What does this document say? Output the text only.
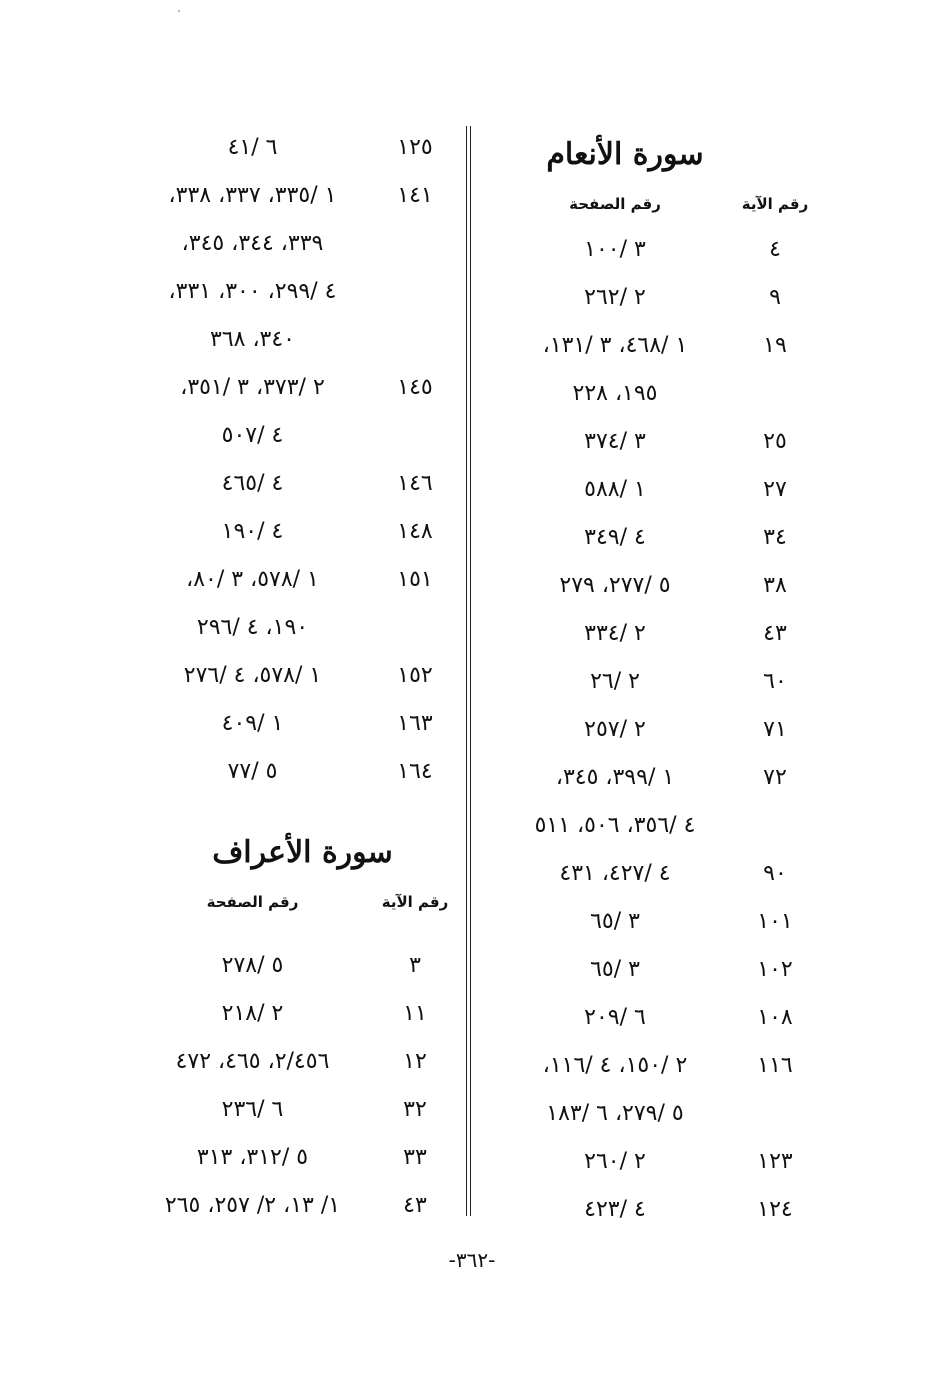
سورة الأنعام
رقم الآية
رقم الصفحة
٤
٣ /١٠٠
٩
٢ /٢٦٢
١٩
١ /٤٦٨، ٣ /١٣١،
١٩٥، ٢٢٨
٢٥
٣ /٣٧٤
٢٧
١ /٥٨٨
٣٤
٤ /٣٤٩
٣٨
٥ /٢٧٧، ٢٧٩
٤٣
٢ /٣٣٤
٦٠
٢ /٢٦
٧١
٢ /٢٥٧
٧٢
١ /٣٩٩، ٣٤٥،
٤ /٣٥٦، ٥٠٦، ٥١١
٩٠
٤ /٤٢٧، ٤٣١
١٠١
٣ /٦٥
١٠٢
٣ /٦٥
١٠٨
٦ /٢٠٩
١١٦
٢ /١٥٠، ٤ /١١٦،
٥ /٢٧٩، ٦ /١٨٣
١٢٣
٢ /٢٦٠
١٢٤
٤ /٤٢٣
١٢٥
٦ /٤١
١٤١
١ /٣٣٥، ٣٣٧، ٣٣٨،
٣٣٩، ٣٤٤، ٣٤٥،
٤ /٢٩٩، ٣٠٠، ٣٣١،
٣٤٠، ٣٦٨
١٤٥
٢ /٣٧٣، ٣ /٣٥١،
٤ /٥٠٧
١٤٦
٤ /٤٦٥
١٤٨
٤ /١٩٠
١٥١
١ /٥٧٨، ٣ /٨٠،
١٩٠، ٤ /٢٩٦
١٥٢
١ /٥٧٨، ٤ /٢٧٦
١٦٣
١ /٤٠٩
١٦٤
٥ /٧٧
سورة الأعراف
رقم الآية
رقم الصفحة
٣
٥ /٢٧٨
١١
٢ /٢١٨
١٢
٢/٤٥٦، ٤٦٥، ٤٧٢
٣٢
٦ /٢٣٦
٣٣
٥ /٣١٢، ٣١٣
٤٣
١/ ١٣، ٢/ ٢٥٧، ٢٦٥
-٣٦٢-
